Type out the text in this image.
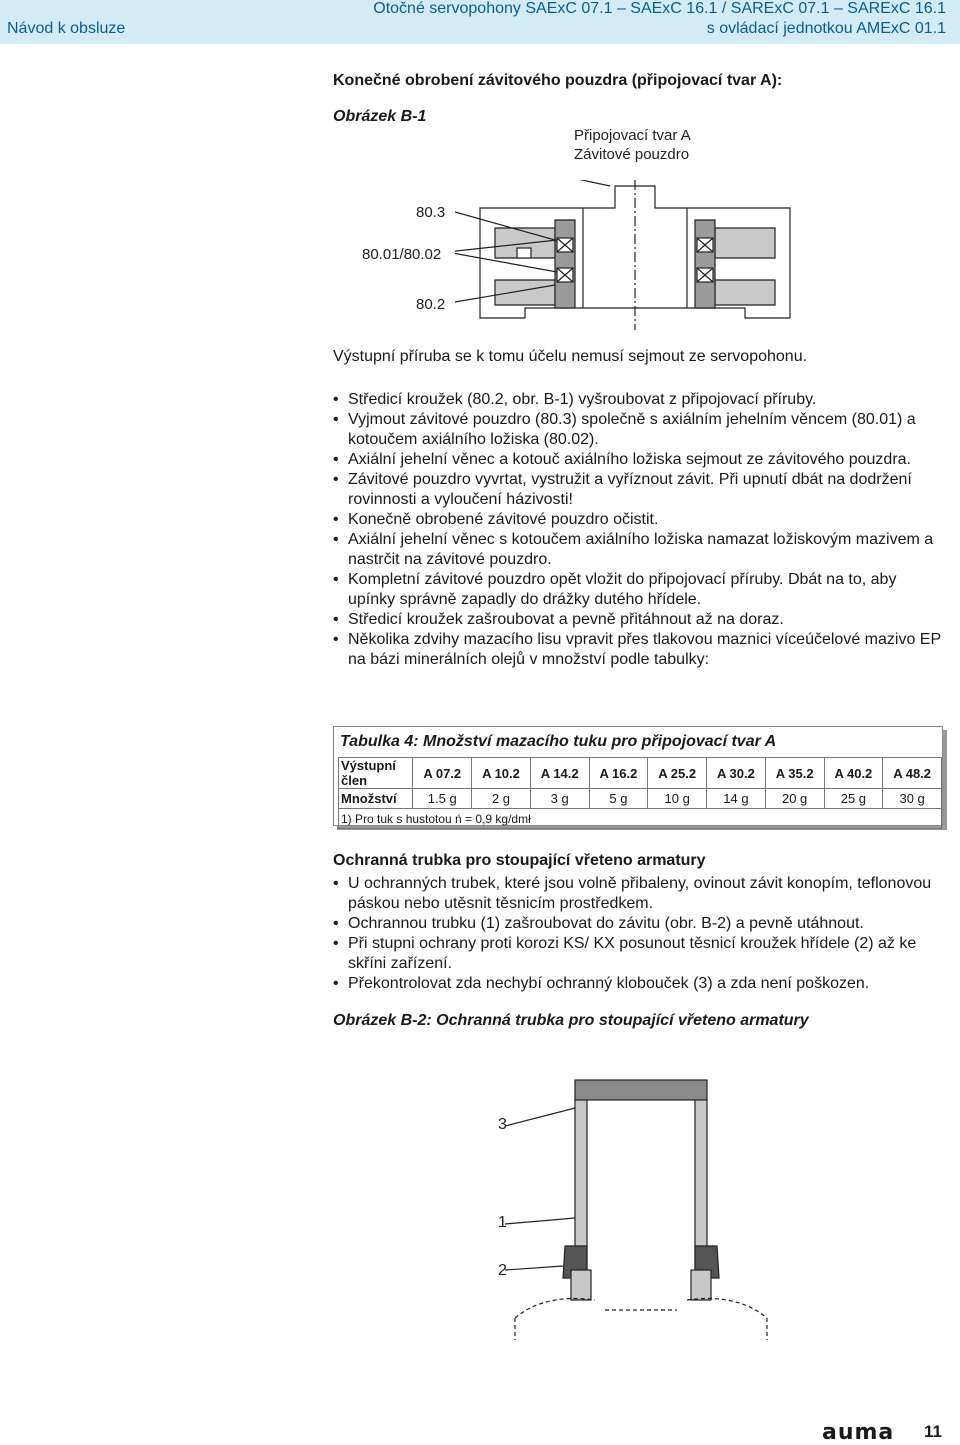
Návod k obsluze
Otočné servopohony SAExC 07.1 – SAExC 16.1 / SARExC 07.1 – SARExC 16.1
s ovládací jednotkou AMExC 01.1
Konečné obrobení závitového pouzdra (připojovací tvar A):
Obrázek B-1
Připojovací tvar A
Závitové pouzdro
80.3
80.01/80.02
80.2
Výstupní příruba se k tomu účelu nemusí sejmout ze servopohonu.
• Středicí kroužek (80.2, obr. B-1) vyšroubovat z připojovací příruby.
• Vyjmout závitové pouzdro (80.3) společně s axiálním jehelním věncem (80.01) a kotoučem axiálního ložiska (80.02).
• Axiální jehelní věnec a kotouč axiálního ložiska sejmout ze závitového pouzdra.
• Závitové pouzdro vyvrtat, vystružit a vyříznout závit. Při upnutí dbát na dodržení rovinnosti a vyloučení házivosti!
• Konečně obrobené závitové pouzdro očistit.
• Axiální jehelní věnec s kotoučem axiálního ložiska namazat ložiskovým mazivem a nastrčit na závitové pouzdro.
• Kompletní závitové pouzdro opět vložit do připojovací příruby. Dbát na to, aby upínky správně zapadly do drážky dutého hřídele.
• Středicí kroužek zašroubovat a pevně přitáhnout až na doraz.
• Několika zdvihy mazacího lisu vpravit přes tlakovou maznici víceúčelové mazivo EP na bázi minerálních olejů v množství podle tabulky:
Tabulka 4: Množství mazacího tuku pro připojovací tvar A
Výstupní člen	A 07.2	A 10.2	A 14.2	A 16.2	A 25.2	A 30.2	A 35.2	A 40.2	A 48.2
Množství	1.5 g	2 g	3 g	5 g	10 g	14 g	20 g	25 g	30 g
1) Pro tuk s hustotou ń = 0,9 kg/dmł									
Ochranná trubka pro stoupající vřeteno armatury
• U ochranných trubek, které jsou volně přibaleny, ovinout závit konopím, teflonovou páskou nebo utěsnit těsnicím prostředkem.
• Ochrannou trubku (1) zašroubovat do závitu (obr. B-2) a pevně utáhnout.
• Při stupni ochrany proti korozi KS/ KX posunout těsnicí kroužek hřídele (2) až ke skříni zařízení.
• Překontrolovat zda nechybí ochranný klobouček (3) a zda není poškozen.
Obrázek B-2: Ochranná trubka pro stoupající vřeteno armatury
3
1
2
auma 11
